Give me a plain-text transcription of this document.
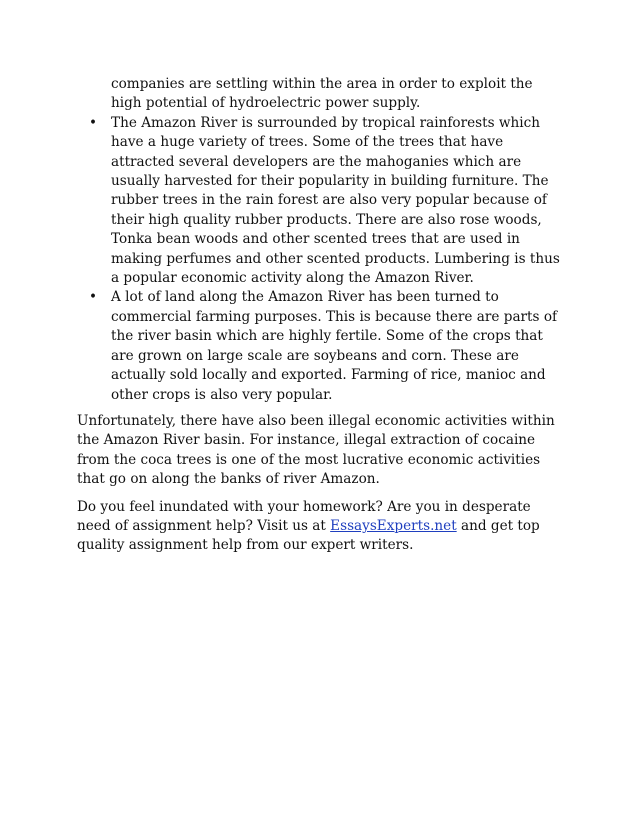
companies are settling within the area in order to exploit the high potential of hydroelectric power supply.

• The Amazon River is surrounded by tropical rainforests which have a huge variety of trees. Some of the trees that have attracted several developers are the mahoganies which are usually harvested for their popularity in building furniture. The rubber trees in the rain forest are also very popular because of their high quality rubber products. There are also rose woods, Tonka bean woods and other scented trees that are used in making perfumes and other scented products. Lumbering is thus a popular economic activity along the Amazon River.
• A lot of land along the Amazon River has been turned to commercial farming purposes. This is because there are parts of the river basin which are highly fertile. Some of the crops that are grown on large scale are soybeans and corn. These are actually sold locally and exported. Farming of rice, manioc and other crops is also very popular.

Unfortunately, there have also been illegal economic activities within the Amazon River basin. For instance, illegal extraction of cocaine from the coca trees is one of the most lucrative economic activities that go on along the banks of river Amazon.

Do you feel inundated with your homework? Are you in desperate need of assignment help? Visit us at EssaysExperts.net and get top quality assignment help from our expert writers.
